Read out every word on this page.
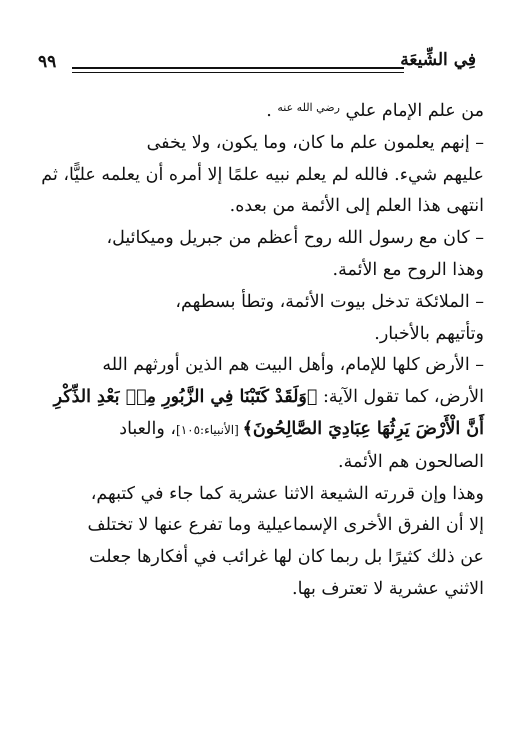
٩٩	فِي الشِّيعَة

من علم الإمام علي $^{رضي الله عنه}$ .

– إنهم يعلمون علم ما كان، وما يكون، ولا يخفى

عليهم شيء. فالله لم يعلم نبيه علمًا إلا أمره أن يعلمه عليًّا، ثم

انتهى هذا العلم إلى الأئمة من بعده.

– كان مع رسول الله روح أعظم من جبريل وميكائيل،

وهذا الروح مع الأئمة.

– الملائكة تدخل بيوت الأئمة، وتطأ بسطهم،

وتأتيهم بالأخبار.

– الأرض كلها للإمام، وأهل البيت هم الذين أورثهم الله

الأرض، كما تقول الآية: ﴿وَلَقَدْ كَتَبْنَا فِي الزَّبُورِ مِنۢ بَعْدِ الذِّكْرِ

أَنَّ الْأَرْضَ يَرِثُهَا عِبَادِيَ الصَّالِحُونَ﴾ [الأنبياء:١٠٥]، والعباد

الصالحون هم الأئمة.

وهذا وإن قررته الشيعة الاثنا عشرية كما جاء في كتبهم،

إلا أن الفرق الأخرى الإسماعيلية وما تفرع عنها لا تختلف

عن ذلك كثيرًا بل ربما كان لها غرائب في أفكارها جعلت

الاثني عشرية لا تعترف بها.
